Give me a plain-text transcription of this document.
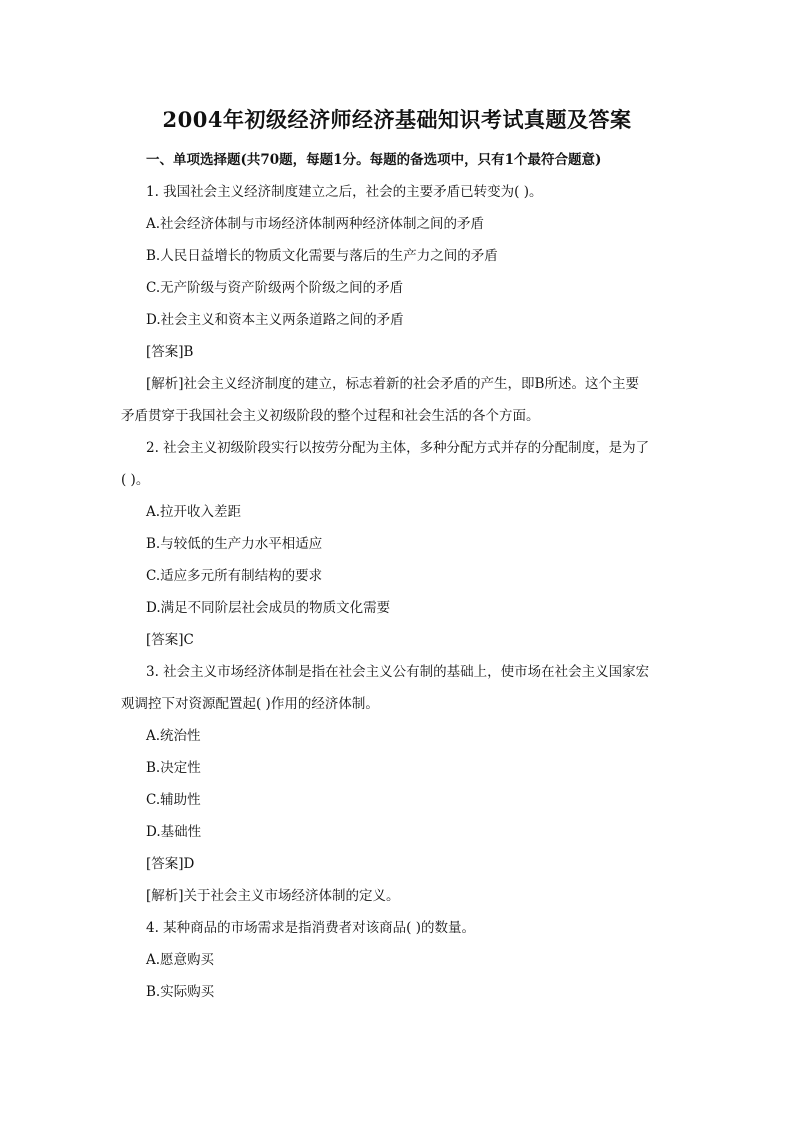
2004年初级经济师经济基础知识考试真题及答案
一、单项选择题(共70题，每题1分。每题的备选项中，只有1个最符合题意)
1. 我国社会主义经济制度建立之后，社会的主要矛盾已转变为( )。
A.社会经济体制与市场经济体制两种经济体制之间的矛盾
B.人民日益增长的物质文化需要与落后的生产力之间的矛盾
C.无产阶级与资产阶级两个阶级之间的矛盾
D.社会主义和资本主义两条道路之间的矛盾
[答案]B
[解析]社会主义经济制度的建立，标志着新的社会矛盾的产生，即B所述。这个主要
矛盾贯穿于我国社会主义初级阶段的整个过程和社会生活的各个方面。
2. 社会主义初级阶段实行以按劳分配为主体，多种分配方式并存的分配制度，是为了
( )。
A.拉开收入差距
B.与较低的生产力水平相适应
C.适应多元所有制结构的要求
D.满足不同阶层社会成员的物质文化需要
[答案]C
3. 社会主义市场经济体制是指在社会主义公有制的基础上，使市场在社会主义国家宏
观调控下对资源配置起( )作用的经济体制。
A.统治性
B.决定性
C.辅助性
D.基础性
[答案]D
[解析]关于社会主义市场经济体制的定义。
4. 某种商品的市场需求是指消费者对该商品( )的数量。
A.愿意购买
B.实际购买
